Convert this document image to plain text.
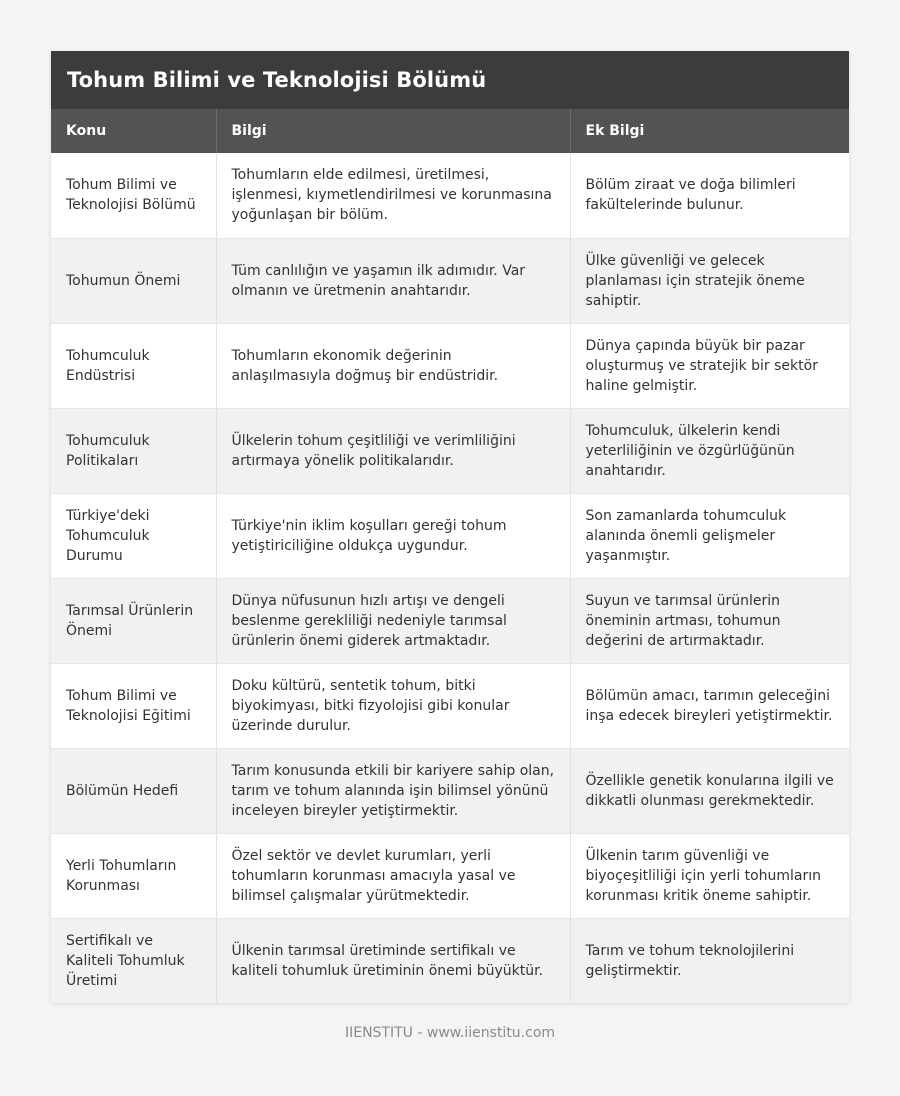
Tohum Bilimi ve Teknolojisi Bölümü
Konu	Bilgi	Ek Bilgi
Tohum Bilimi ve Teknolojisi Bölümü	Tohumların elde edilmesi, üretilmesi, işlenmesi, kıymetlendirilmesi ve korunmasına yoğunlaşan bir bölüm.	Bölüm ziraat ve doğa bilimleri fakültelerinde bulunur.
Tohumun Önemi	Tüm canlılığın ve yaşamın ilk adımıdır. Var olmanın ve üretmenin anahtarıdır.	Ülke güvenliği ve gelecek planlaması için stratejik öneme sahiptir.
Tohumculuk Endüstrisi	Tohumların ekonomik değerinin anlaşılmasıyla doğmuş bir endüstridir.	Dünya çapında büyük bir pazar oluşturmuş ve stratejik bir sektör haline gelmiştir.
Tohumculuk Politikaları	Ülkelerin tohum çeşitliliği ve verimliliğini artırmaya yönelik politikalarıdır.	Tohumculuk, ülkelerin kendi yeterliliğinin ve özgürlüğünün anahtarıdır.
Türkiye'deki Tohumculuk Durumu	Türkiye'nin iklim koşulları gereği tohum yetiştiriciliğine oldukça uygundur.	Son zamanlarda tohumculuk alanında önemli gelişmeler yaşanmıştır.
Tarımsal Ürünlerin Önemi	Dünya nüfusunun hızlı artışı ve dengeli beslenme gerekliliği nedeniyle tarımsal ürünlerin önemi giderek artmaktadır.	Suyun ve tarımsal ürünlerin öneminin artması, tohumun değerini de artırmaktadır.
Tohum Bilimi ve Teknolojisi Eğitimi	Doku kültürü, sentetik tohum, bitki biyokimyası, bitki fizyolojisi gibi konular üzerinde durulur.	Bölümün amacı, tarımın geleceğini inşa edecek bireyleri yetiştirmektir.
Bölümün Hedefi	Tarım konusunda etkili bir kariyere sahip olan, tarım ve tohum alanında işin bilimsel yönünü inceleyen bireyler yetiştirmektir.	Özellikle genetik konularına ilgili ve dikkatli olunması gerekmektedir.
Yerli Tohumların Korunması	Özel sektör ve devlet kurumları, yerli tohumların korunması amacıyla yasal ve bilimsel çalışmalar yürütmektedir.	Ülkenin tarım güvenliği ve biyoçeşitliliği için yerli tohumların korunması kritik öneme sahiptir.
Sertifikalı ve Kaliteli Tohumluk Üretimi	Ülkenin tarımsal üretiminde sertifikalı ve kaliteli tohumluk üretiminin önemi büyüktür.	Tarım ve tohum teknolojilerini geliştirmektir.
IIENSTITU - www.iienstitu.com
